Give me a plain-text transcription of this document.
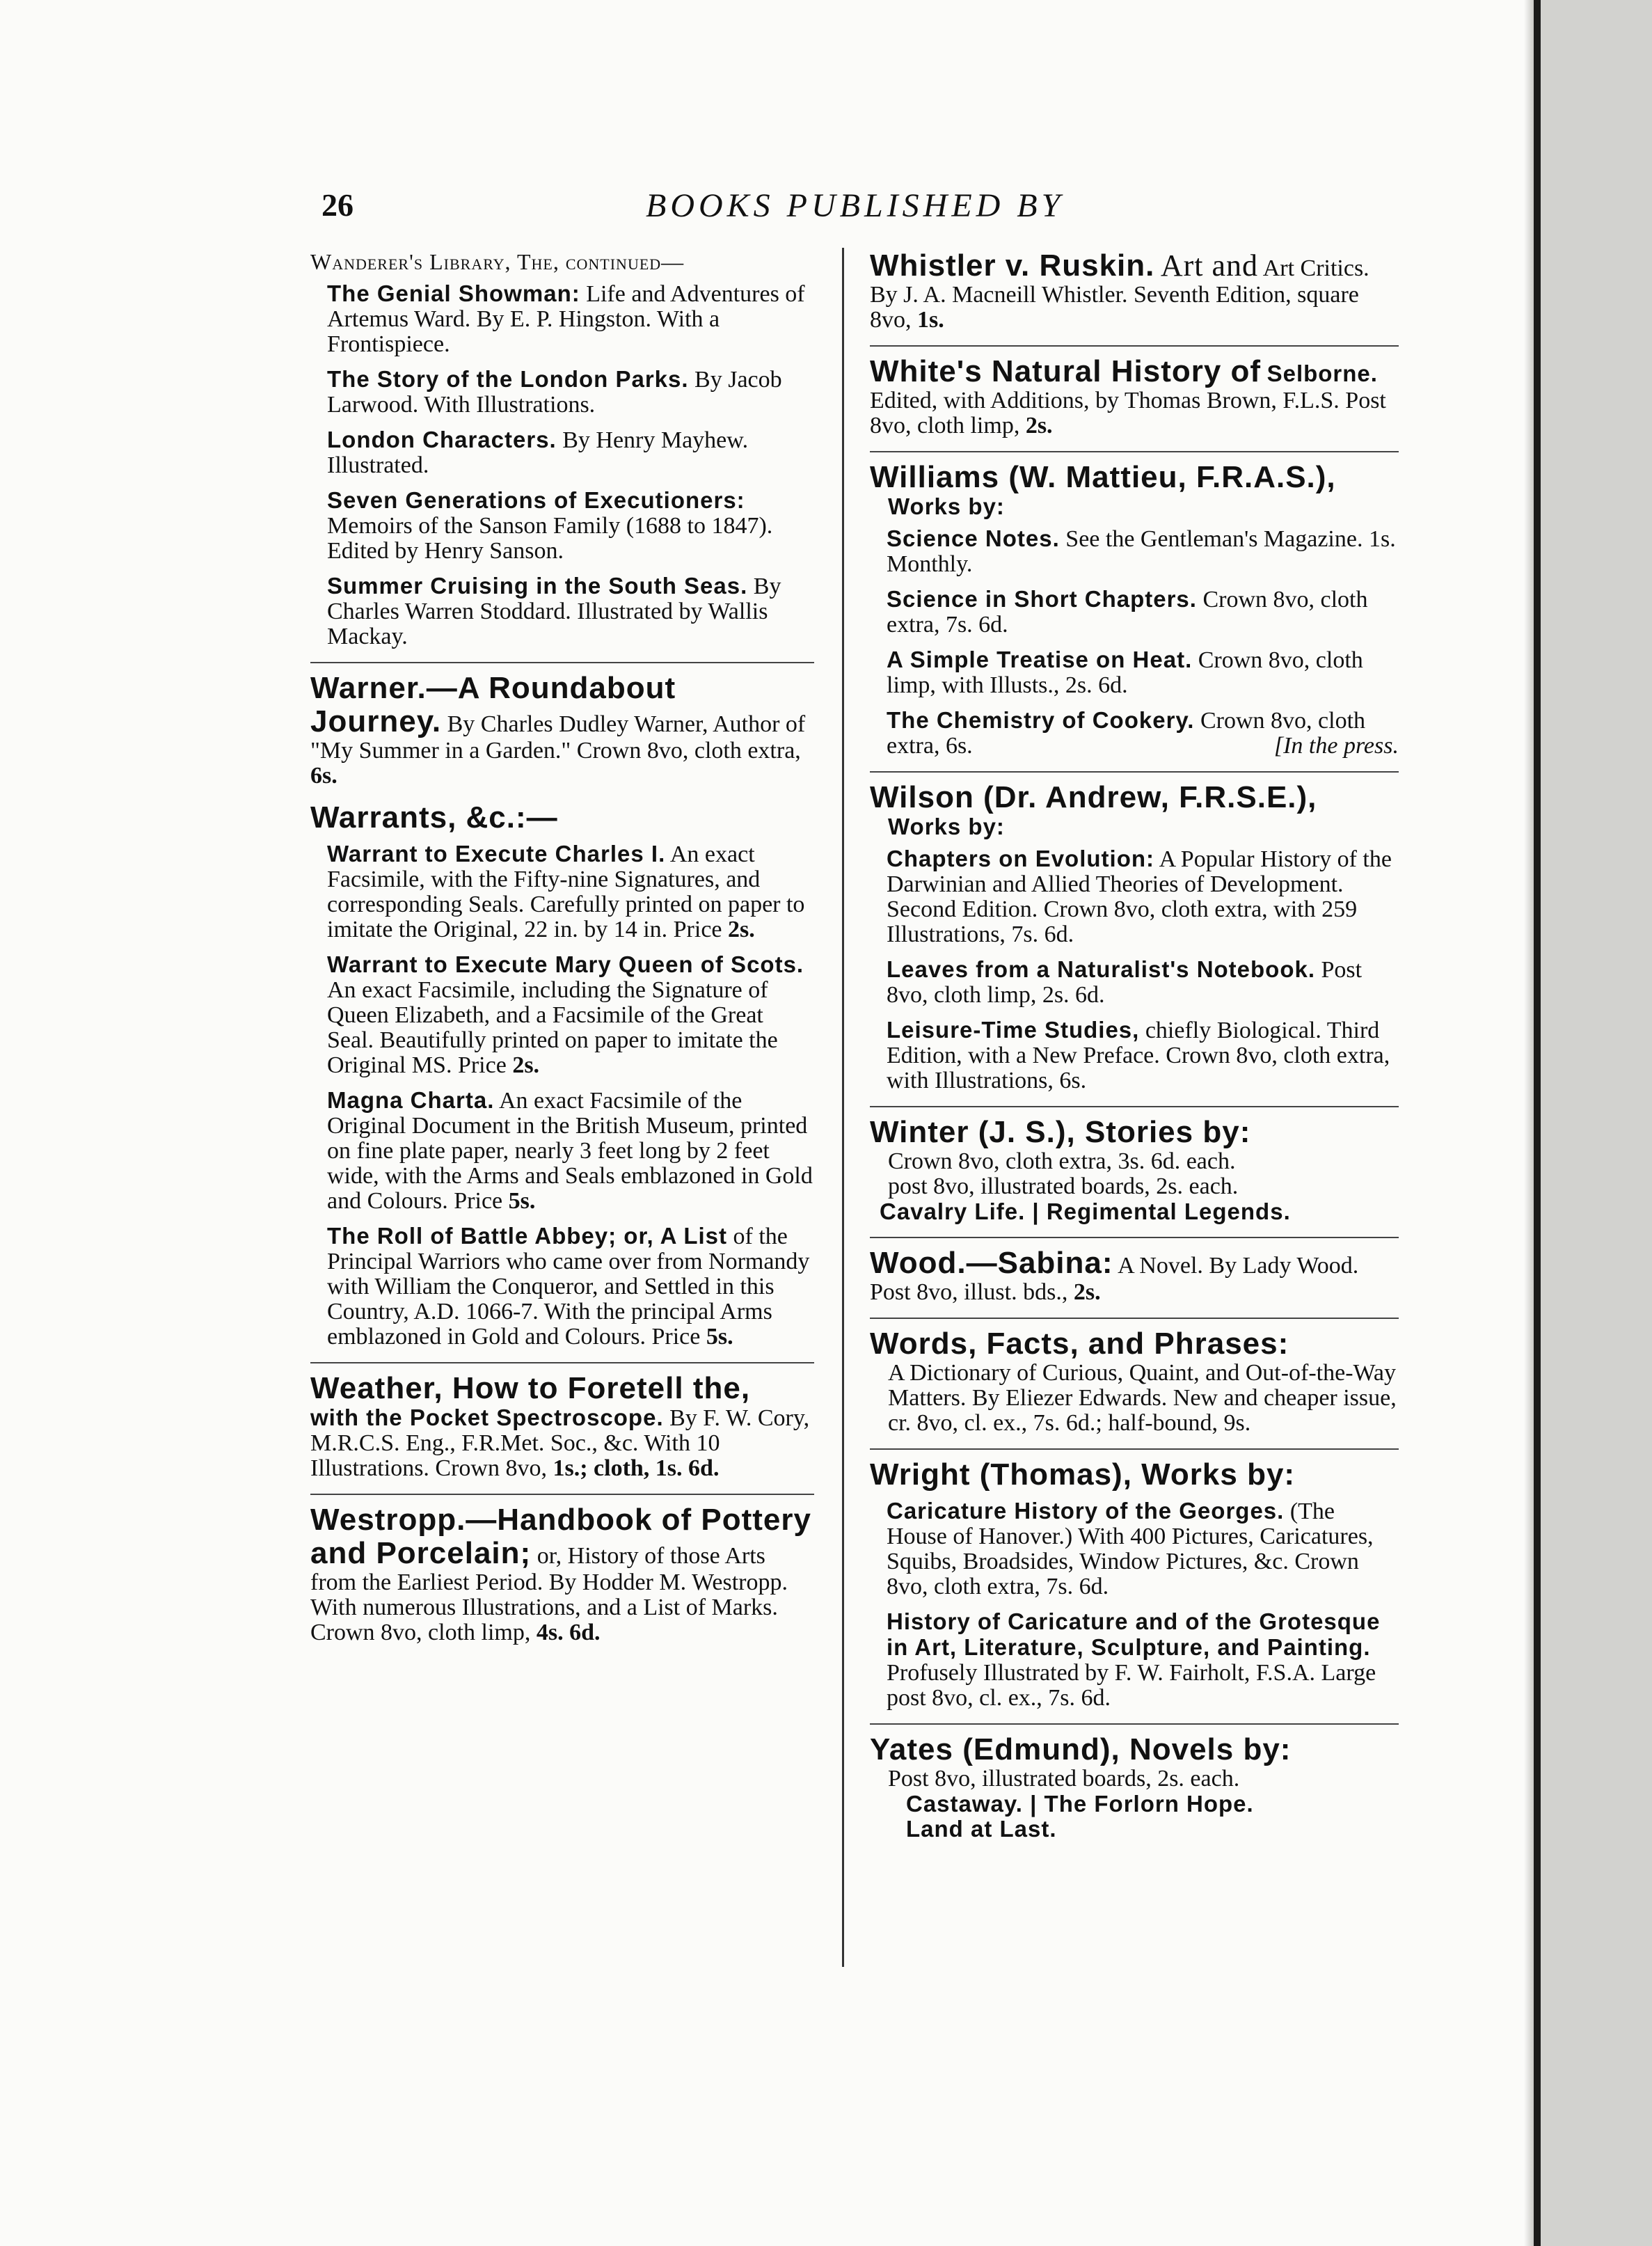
26	BOOKS PUBLISHED BY
Wanderer's Library, The, continued—
The Genial Showman: Life and Adventures of Artemus Ward. By E. P. Hingston. With a Frontispiece.
The Story of the London Parks. By Jacob Larwood. With Illustrations.
London Characters. By Henry Mayhew. Illustrated.
Seven Generations of Executioners: Memoirs of the Sanson Family (1688 to 1847). Edited by Henry Sanson.
Summer Cruising in the South Seas. By Charles Warren Stoddard. Illustrated by Wallis Mackay.
Warner.—A Roundabout Journey. By Charles Dudley Warner, Author of "My Summer in a Garden." Crown 8vo, cloth extra, 6s.
Warrants, &c.:—
Warrant to Execute Charles I. An exact Facsimile, with the Fifty-nine Signatures, and corresponding Seals. Carefully printed on paper to imitate the Original, 22 in. by 14 in. Price 2s.
Warrant to Execute Mary Queen of Scots. An exact Facsimile, including the Signature of Queen Elizabeth, and a Facsimile of the Great Seal. Beautifully printed on paper to imitate the Original MS. Price 2s.
Magna Charta. An exact Facsimile of the Original Document in the British Museum, printed on fine plate paper, nearly 3 feet long by 2 feet wide, with the Arms and Seals emblazoned in Gold and Colours. Price 5s.
The Roll of Battle Abbey; or, A List of the Principal Warriors who came over from Normandy with William the Conqueror, and Settled in this Country, A.D. 1066-7. With the principal Arms emblazoned in Gold and Colours. Price 5s.
Weather, How to Foretell the,
with the Pocket Spectroscope. By F. W. Cory, M.R.C.S. Eng., F.R.Met. Soc., &c. With 10 Illustrations. Crown 8vo, 1s.; cloth, 1s. 6d.
Westropp.—Handbook of Pottery and Porcelain; or, History of those Arts from the Earliest Period. By Hodder M. Westropp. With numerous Illustrations, and a List of Marks. Crown 8vo, cloth limp, 4s. 6d.
Whistler v. Ruskin. Art and Art Critics. By J. A. Macneill Whistler. Seventh Edition, square 8vo, 1s.
White's Natural History of Selborne. Edited, with Additions, by Thomas Brown, F.L.S. Post 8vo, cloth limp, 2s.
Williams (W. Mattieu, F.R.A.S.),
Works by:
Science Notes. See the Gentleman's Magazine. 1s. Monthly.
Science in Short Chapters. Crown 8vo, cloth extra, 7s. 6d.
A Simple Treatise on Heat. Crown 8vo, cloth limp, with Illusts., 2s. 6d.
The Chemistry of Cookery. Crown 8vo, cloth extra, 6s.	[In the press.
Wilson (Dr. Andrew, F.R.S.E.),
Works by:
Chapters on Evolution: A Popular History of the Darwinian and Allied Theories of Development. Second Edition. Crown 8vo, cloth extra, with 259 Illustrations, 7s. 6d.
Leaves from a Naturalist's Notebook. Post 8vo, cloth limp, 2s. 6d.
Leisure-Time Studies, chiefly Biological. Third Edition, with a New Preface. Crown 8vo, cloth extra, with Illustrations, 6s.
Winter (J. S.), Stories by:
Crown 8vo, cloth extra, 3s. 6d. each.
post 8vo, illustrated boards, 2s. each.
Cavalry Life. | Regimental Legends.
Wood.—Sabina: A Novel. By Lady Wood. Post 8vo, illust. bds., 2s.
Words, Facts, and Phrases:
A Dictionary of Curious, Quaint, and Out-of-the-Way Matters. By Eliezer Edwards. New and cheaper issue, cr. 8vo, cl. ex., 7s. 6d.; half-bound, 9s.
Wright (Thomas), Works by:
Caricature History of the Georges. (The House of Hanover.) With 400 Pictures, Caricatures, Squibs, Broadsides, Window Pictures, &c. Crown 8vo, cloth extra, 7s. 6d.
History of Caricature and of the Grotesque in Art, Literature, Sculpture, and Painting. Profusely Illustrated by F. W. Fairholt, F.S.A. Large post 8vo, cl. ex., 7s. 6d.
Yates (Edmund), Novels by:
Post 8vo, illustrated boards, 2s. each.
Castaway. | The Forlorn Hope.
Land at Last.
